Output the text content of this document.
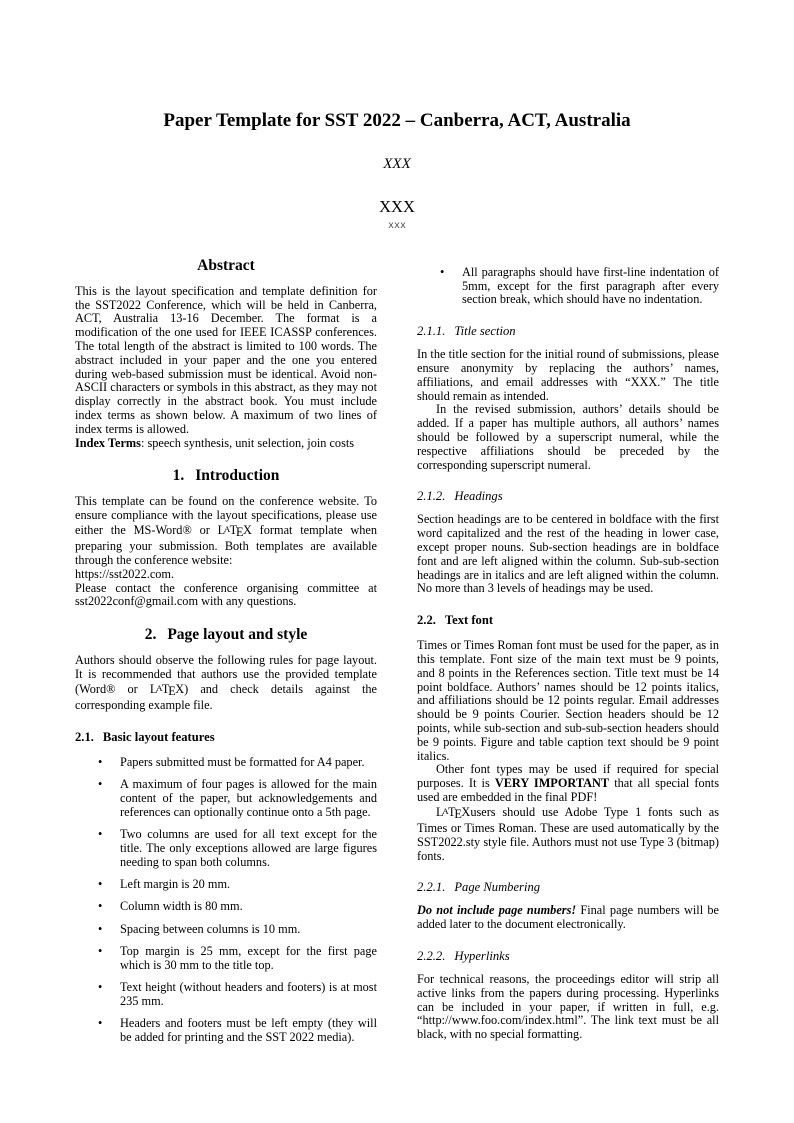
Paper Template for SST 2022 – Canberra, ACT, Australia
XXX
XXX
xxx
Abstract

This is the layout specification and template definition for the SST2022 Conference, which will be held in Canberra, ACT, Australia 13-16 December. The format is a modification of the one used for IEEE ICASSP conferences. The total length of the abstract is limited to 100 words. The abstract included in your paper and the one you entered during web-based submission must be identical. Avoid non-ASCII characters or symbols in this abstract, as they may not display correctly in the abstract book. You must include index terms as shown below. A maximum of two lines of index terms is allowed.

Index Terms: speech synthesis, unit selection, join costs

1. Introduction

This template can be found on the conference website. To ensure compliance with the layout specifications, please use either the MS-Word® or LATEX format template when preparing your submission. Both templates are available through the conference website:

https://sst2022.com.

Please contact the conference organising committee at sst2022conf@gmail.com with any questions.

2. Page layout and style

Authors should observe the following rules for page layout. It is recommended that authors use the provided template (Word® or LATEX) and check details against the corresponding example file.

2.1. Basic layout features
• Papers submitted must be formatted for A4 paper.
• A maximum of four pages is allowed for the main content of the paper, but acknowledgements and references can optionally continue onto a 5th page.
• Two columns are used for all text except for the title. The only exceptions allowed are large figures needing to span both columns.
• Left margin is 20 mm.
• Column width is 80 mm.
• Spacing between columns is 10 mm.
• Top margin is 25 mm, except for the first page which is 30 mm to the title top.
• Text height (without headers and footers) is at most 235 mm.
• Headers and footers must be left empty (they will be added for printing and the SST 2022 media).
• All paragraphs should have first-line indentation of 5mm, except for the first paragraph after every section break, which should have no indentation.
2.1.1. Title section

In the title section for the initial round of submissions, please ensure anonymity by replacing the authors’ names, affiliations, and email addresses with “XXX.” The title should remain as intended.

In the revised submission, authors’ details should be added. If a paper has multiple authors, all authors’ names should be followed by a superscript numeral, while the respective affiliations should be preceded by the corresponding superscript numeral.

2.1.2. Headings

Section headings are to be centered in boldface with the first word capitalized and the rest of the heading in lower case, except proper nouns. Sub-section headings are in boldface font and are left aligned within the column. Sub-sub-section headings are in italics and are left aligned within the column. No more than 3 levels of headings may be used.

2.2. Text font

Times or Times Roman font must be used for the paper, as in this template. Font size of the main text must be 9 points, and 8 points in the References section. Title text must be 14 point boldface. Authors’ names should be 12 points italics, and affiliations should be 12 points regular. Email addresses should be 9 points Courier. Section headers should be 12 points, while sub-section and sub-sub-section headers should be 9 points. Figure and table caption text should be 9 point italics.

Other font types may be used if required for special purposes. It is VERY IMPORTANT that all special fonts used are embedded in the final PDF!

LATEXusers should use Adobe Type 1 fonts such as Times or Times Roman. These are used automatically by the SST2022.sty style file. Authors must not use Type 3 (bitmap) fonts.

2.2.1. Page Numbering

Do not include page numbers! Final page numbers will be added later to the document electronically.

2.2.2. Hyperlinks

For technical reasons, the proceedings editor will strip all active links from the papers during processing. Hyperlinks can be included in your paper, if written in full, e.g. “http://www.foo.com/index.html”. The link text must be all black, with no special formatting.
